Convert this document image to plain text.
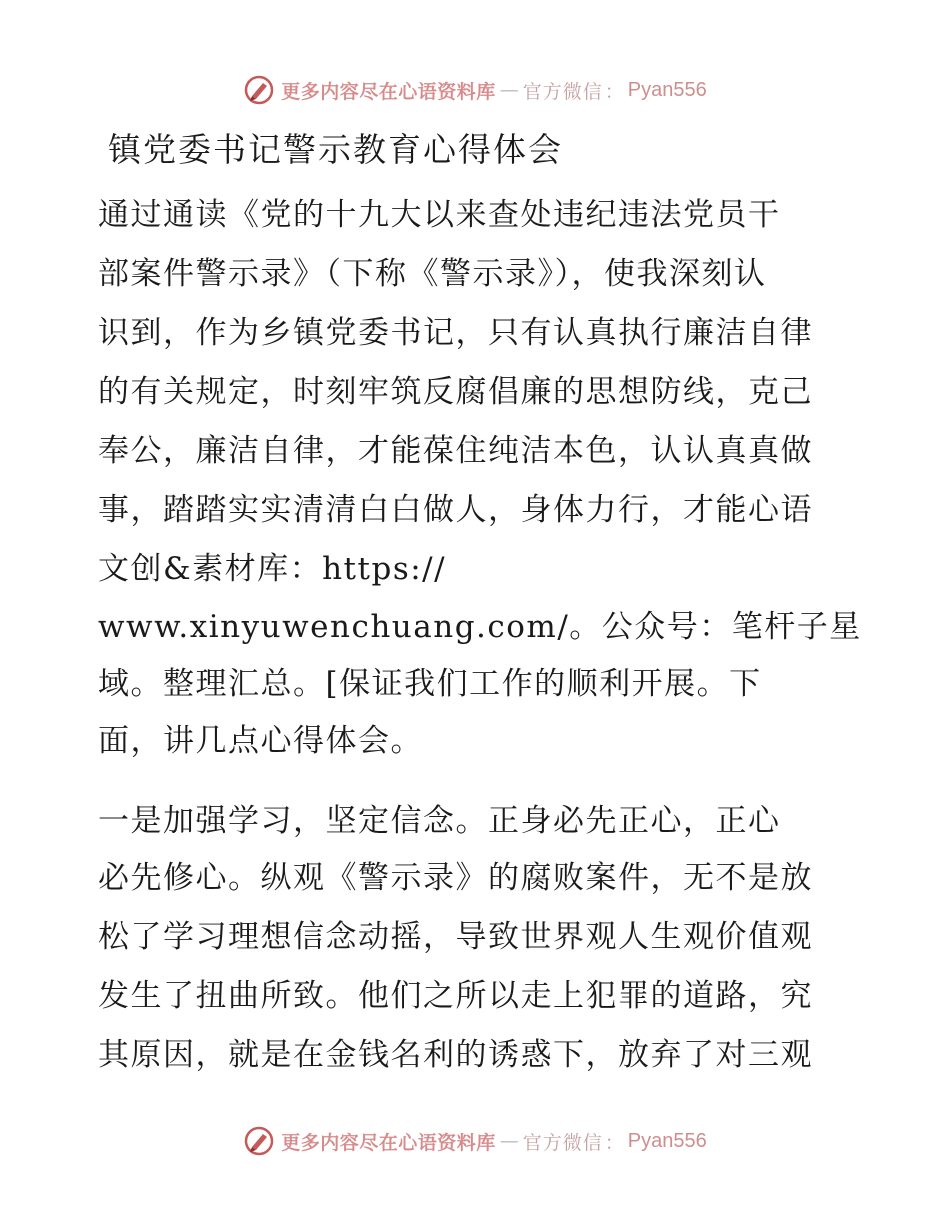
更多内容尽在心语资料库 — 官方微信 ： Pyan556
镇党委书记警示教育心得体会
通过通读《党的十九大以来查处违纪违法党员干
部案件警示录》（下称《警示录》），使我深刻认
识到，作为乡镇党委书记，只有认真执行廉洁自律
的有关规定，时刻牢筑反腐倡廉的思想防线，克己
奉公，廉洁自律，才能葆住纯洁本色，认认真真做
事，踏踏实实清清白白做人，身体力行，才能心语
文创&素材库：https://
www.xinyuwenchuang.com/。公众号：笔杆子星
域。整理汇总。[保证我们工作的顺利开展。下
面，讲几点心得体会。
一是加强学习，坚定信念。正身必先正心，正心
必先修心。纵观《警示录》的腐败案件，无不是放
松了学习理想信念动摇，导致世界观人生观价值观
发生了扭曲所致。他们之所以走上犯罪的道路，究
其原因，就是在金钱名利的诱惑下，放弃了对三观
更多内容尽在心语资料库 — 官方微信 ： Pyan556
